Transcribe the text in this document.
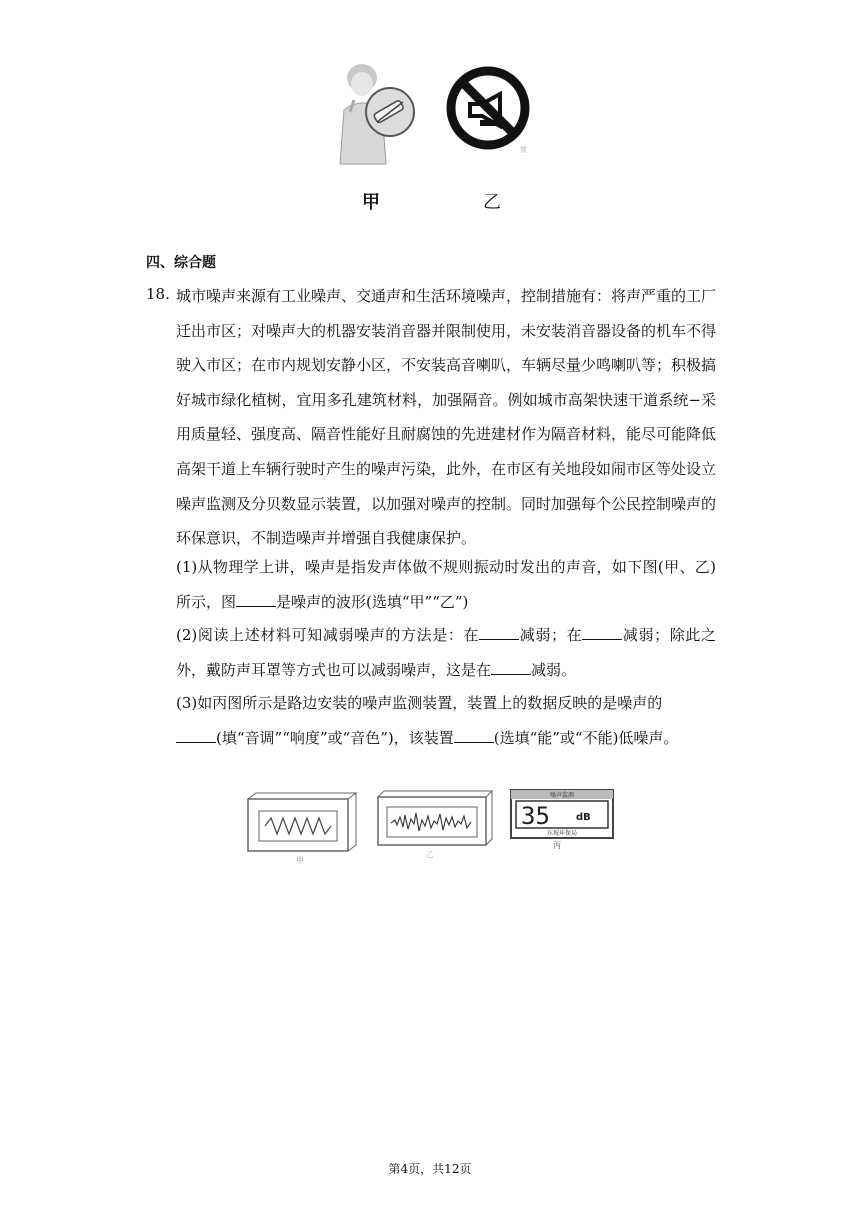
禁
甲	乙
四、综合题
18. 城市噪声来源有工业噪声、交通声和生活环境噪声，控制措施有：将声严重的工厂迁出市区；对噪声大的机器安装消音器并限制使用，未安装消音器设备的机车不得驶入市区；在市内规划安静小区，不安装高音喇叭，车辆尽量少鸣喇叭等；积极搞好城市绿化植树，宜用多孔建筑材料，加强隔音。例如城市高架快速干道系统−采用质量轻、强度高、隔音性能好且耐腐蚀的先进建材作为隔音材料，能尽可能降低高架干道上车辆行驶时产生的噪声污染，此外，在市区有关地段如闹市区等处设立噪声监测及分贝数显示装置，以加强对噪声的控制。同时加强每个公民控制噪声的环保意识，不制造噪声并增强自我健康保护。
(1)从物理学上讲，噪声是指发声体做不规则振动时发出的声音，如下图(甲、乙)所示，图	是噪声的波形(选填“甲”“乙”)
(2)阅读上述材料可知减弱噪声的方法是：在	减弱；在	减弱；除此之外，戴防声耳罩等方式也可以减弱噪声，这是在	减弱。
(3)如丙图所示是路边安装的噪声监测装置，装置上的数据反映的是噪声的
(填“音调”“响度”或“音色”)，该装置	(选填“能”或“不能)低噪声。
甲
乙
噪声监测
35	dB
东坡环保局
丙
第4页，共12页
